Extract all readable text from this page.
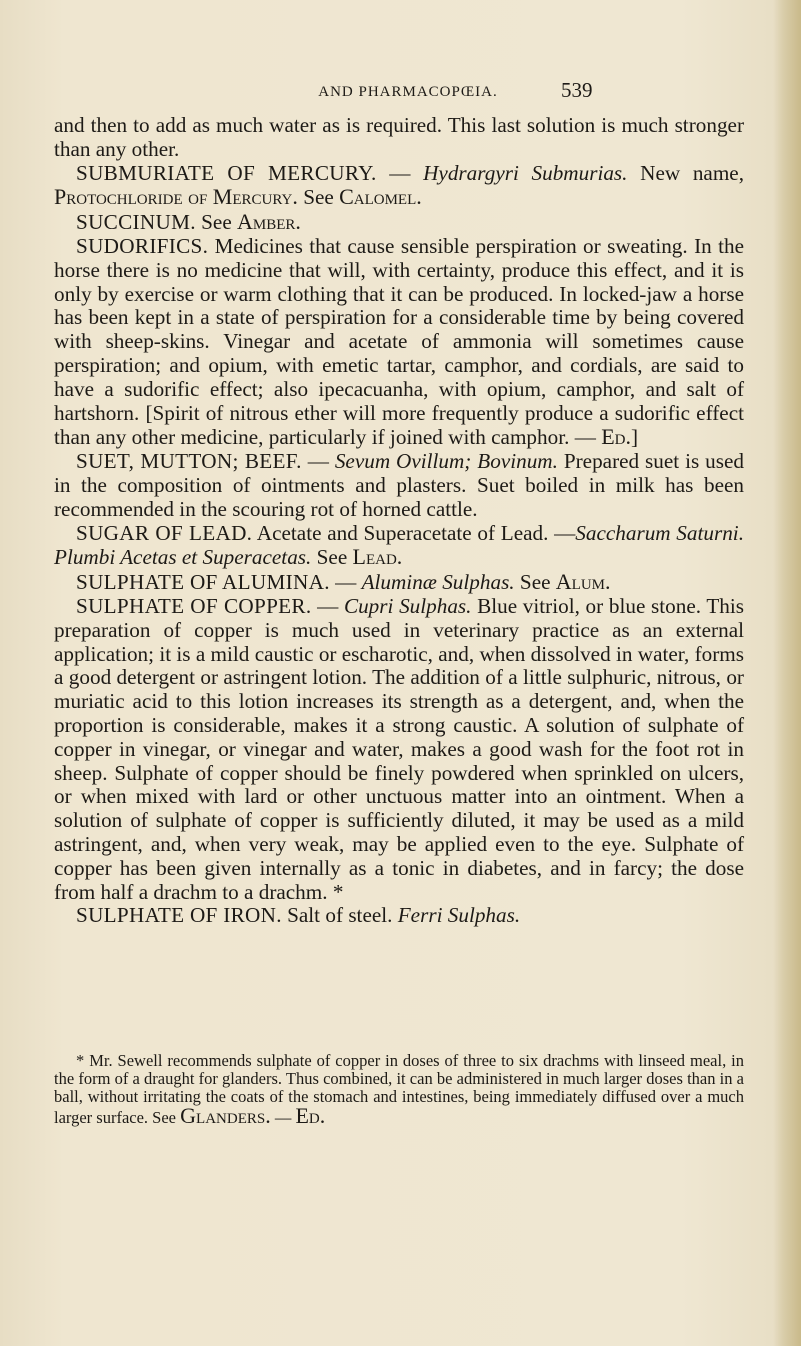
AND PHARMACOPŒIA.	539

and then to add as much water as is required. This last solution is much stronger than any other.

SUBMURIATE OF MERCURY. — Hydrargyri Submurias. New name, Protochloride of Mercury. See Calomel.

SUCCINUM. See Amber.

SUDORIFICS. Medicines that cause sensible perspiration or sweating. In the horse there is no medicine that will, with certainty, produce this effect, and it is only by exercise or warm clothing that it can be produced. In locked-jaw a horse has been kept in a state of perspiration for a considerable time by being covered with sheep-skins. Vinegar and acetate of ammonia will sometimes cause perspiration; and opium, with emetic tartar, camphor, and cordials, are said to have a sudorific effect; also ipecacuanha, with opium, camphor, and salt of hartshorn. [Spirit of nitrous ether will more frequently produce a sudorific effect than any other medicine, particularly if joined with camphor. — Ed.]

SUET, MUTTON; BEEF. — Sevum Ovillum; Bovinum. Prepared suet is used in the composition of ointments and plasters. Suet boiled in milk has been recommended in the scouring rot of horned cattle.

SUGAR OF LEAD. Acetate and Superacetate of Lead. —Saccharum Saturni. Plumbi Acetas et Superacetas. See Lead.

SULPHATE OF ALUMINA. — Aluminæ Sulphas. See Alum.

SULPHATE OF COPPER. — Cupri Sulphas. Blue vitriol, or blue stone. This preparation of copper is much used in veterinary practice as an external application; it is a mild caustic or escharotic, and, when dissolved in water, forms a good detergent or astringent lotion. The addition of a little sulphuric, nitrous, or muriatic acid to this lotion increases its strength as a detergent, and, when the proportion is considerable, makes it a strong caustic. A solution of sulphate of copper in vinegar, or vinegar and water, makes a good wash for the foot rot in sheep. Sulphate of copper should be finely powdered when sprinkled on ulcers, or when mixed with lard or other unctuous matter into an ointment. When a solution of sulphate of copper is sufficiently diluted, it may be used as a mild astringent, and, when very weak, may be applied even to the eye. Sulphate of copper has been given internally as a tonic in diabetes, and in farcy; the dose from half a drachm to a drachm. *

SULPHATE OF IRON. Salt of steel. Ferri Sulphas.

* Mr. Sewell recommends sulphate of copper in doses of three to six drachms with linseed meal, in the form of a draught for glanders. Thus combined, it can be administered in much larger doses than in a ball, without irritating the coats of the stomach and intestines, being immediately diffused over a much larger surface. See Glanders. — Ed.
